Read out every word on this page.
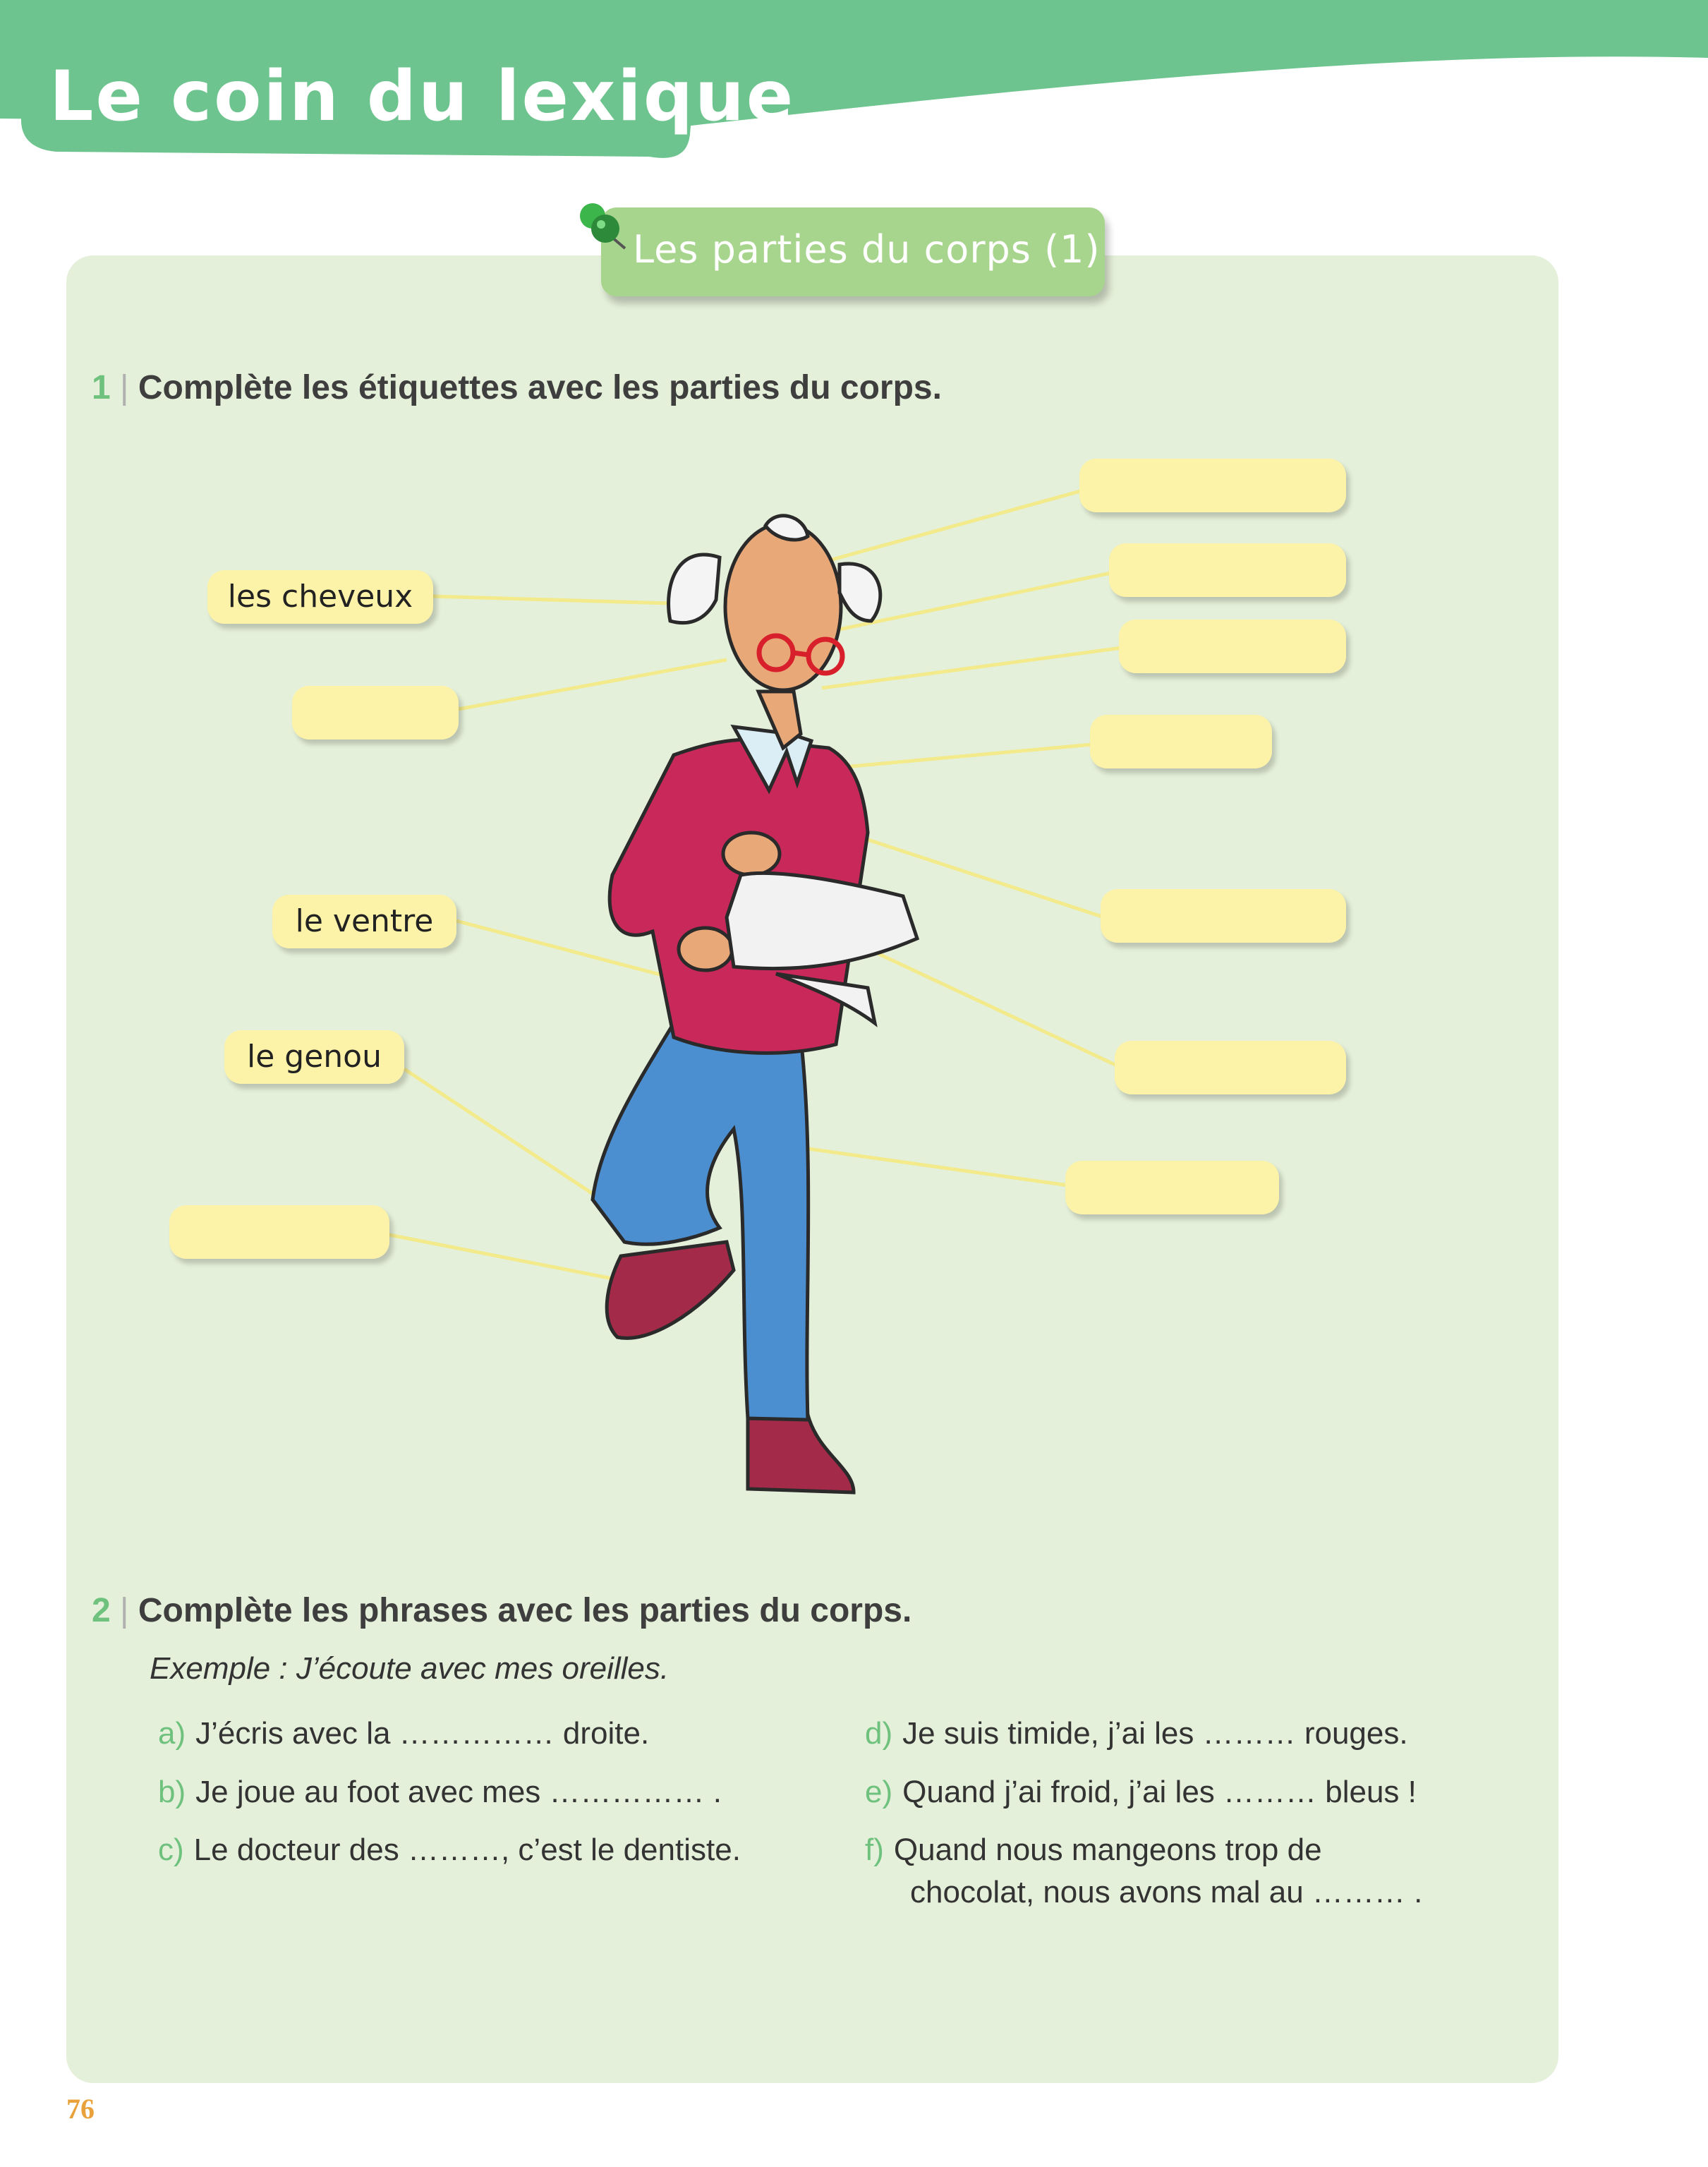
Le coin du lexique
Les parties du corps (1)
1 | Complète les étiquettes avec les parties du corps.
les cheveux
le ventre
le genou
2 | Complète les phrases avec les parties du corps.
Exemple : J’écoute avec mes oreilles.
a) J’écris avec la …………… droite.
b) Je joue au foot avec mes …………… .
c) Le docteur des ………, c’est le dentiste.
d) Je suis timide, j’ai les ……… rouges.
e) Quand j’ai froid, j’ai les ……… bleus !
f) Quand nous mangeons trop de
chocolat, nous avons mal au ……… .
76
